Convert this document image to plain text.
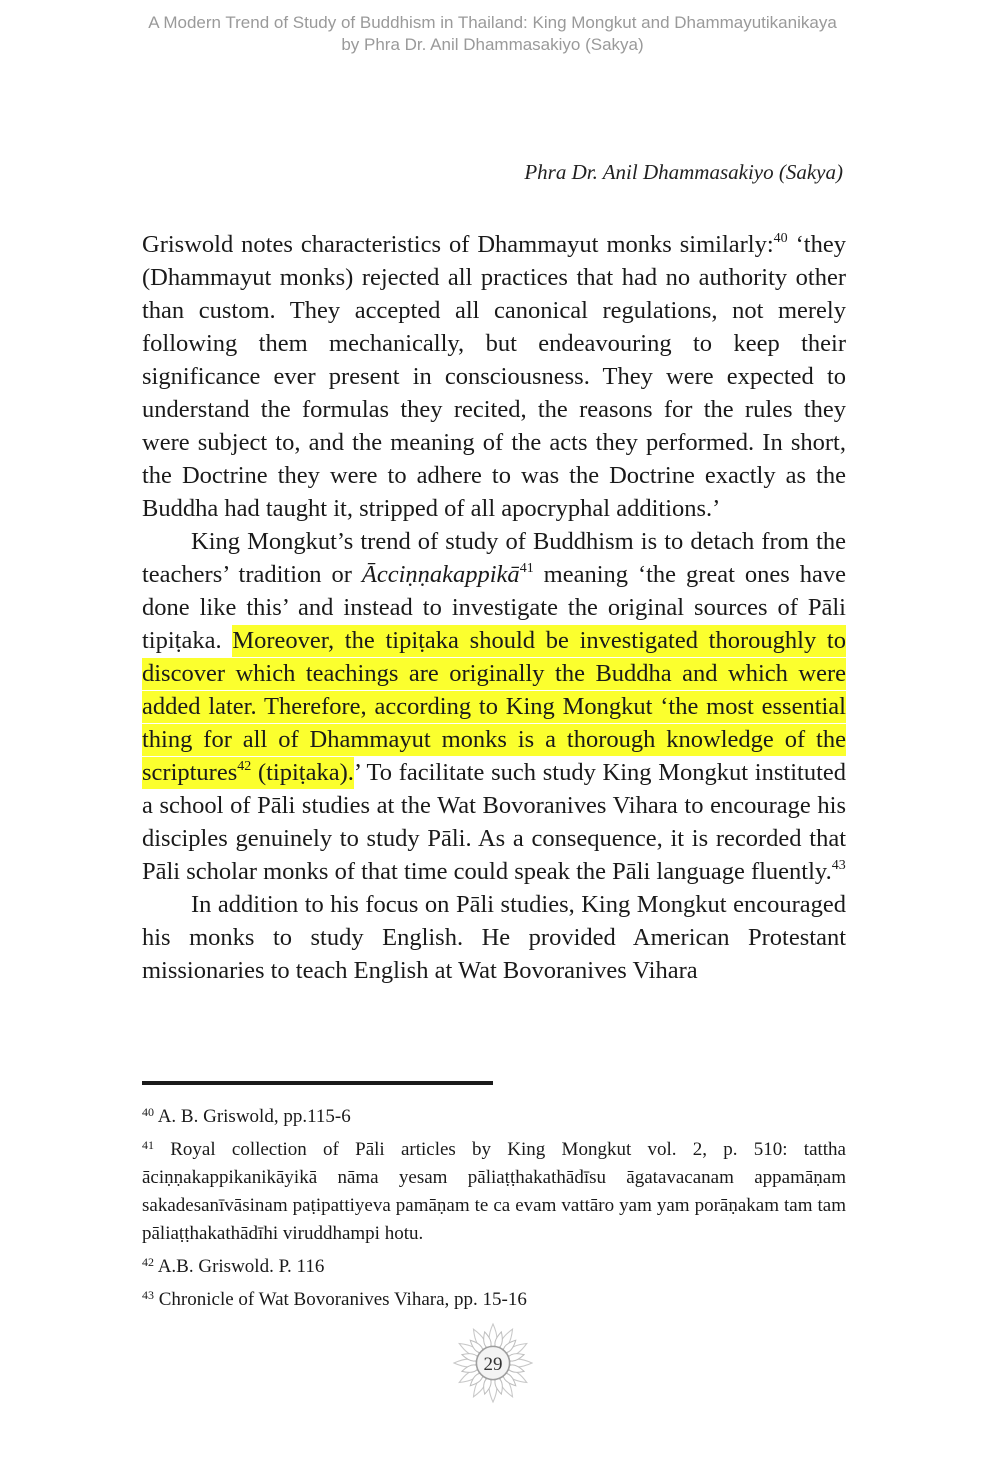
A Modern Trend of Study of Buddhism in Thailand: King Mongkut and Dhammayutikanikaya
by Phra Dr. Anil Dhammasakiyo (Sakya)
Phra Dr. Anil Dhammasakiyo (Sakya)

Griswold notes characteristics of Dhammayut monks similarly:$^{40}$ ‘they (Dhammayut monks) rejected all practices that had no authority other than custom. They accepted all canonical regulations, not merely following them mechanically, but endeavouring to keep their significance ever present in consciousness. They were expected to understand the formulas they recited, the reasons for the rules they were subject to, and the meaning of the acts they performed. In short, the Doctrine they were to adhere to was the Doctrine exactly as the Buddha had taught it, stripped of all apocryphal additions.’

King Mongkut’s trend of study of Buddhism is to detach from the teachers’ tradition or Ācciṇṇakappikā$^{41}$ meaning ‘the great ones have done like this’ and instead to investigate the original sources of Pāli tipiṭaka. Moreover, the tipiṭaka should be investigated thoroughly to discover which teachings are originally the Buddha and which were added later. Therefore, according to King Mongkut ‘the most essential thing for all of Dhammayut monks is a thorough knowledge of the scriptures$^{42}$ (tipiṭaka).’ To facilitate such study King Mongkut instituted a school of Pāli studies at the Wat Bovoranives Vihara to encourage his disciples genuinely to study Pāli. As a consequence, it is recorded that Pāli scholar monks of that time could speak the Pāli language fluently.$^{43}$

In addition to his focus on Pāli studies, King Mongkut encouraged his monks to study English. He provided American Protestant missionaries to teach English at Wat Bovoranives Vihara

$^{40}$ A. B. Griswold, pp.115-6

$^{41}$ Royal collection of Pāli articles by King Mongkut vol. 2, p. 510: tattha āciṇṇakappikanikāyikā nāma yesam pāliaṭṭhakathādīsu āgatavacanam appamāṇam sakadesanīvāsinam paṭipattiyeva pamāṇam te ca evam vattāro yam yam porāṇakam tam tam pāliaṭṭhakathādīhi viruddhampi hotu.

$^{42}$ A.B. Griswold. P. 116

$^{43}$ Chronicle of Wat Bovoranives Vihara, pp. 15-16

29
